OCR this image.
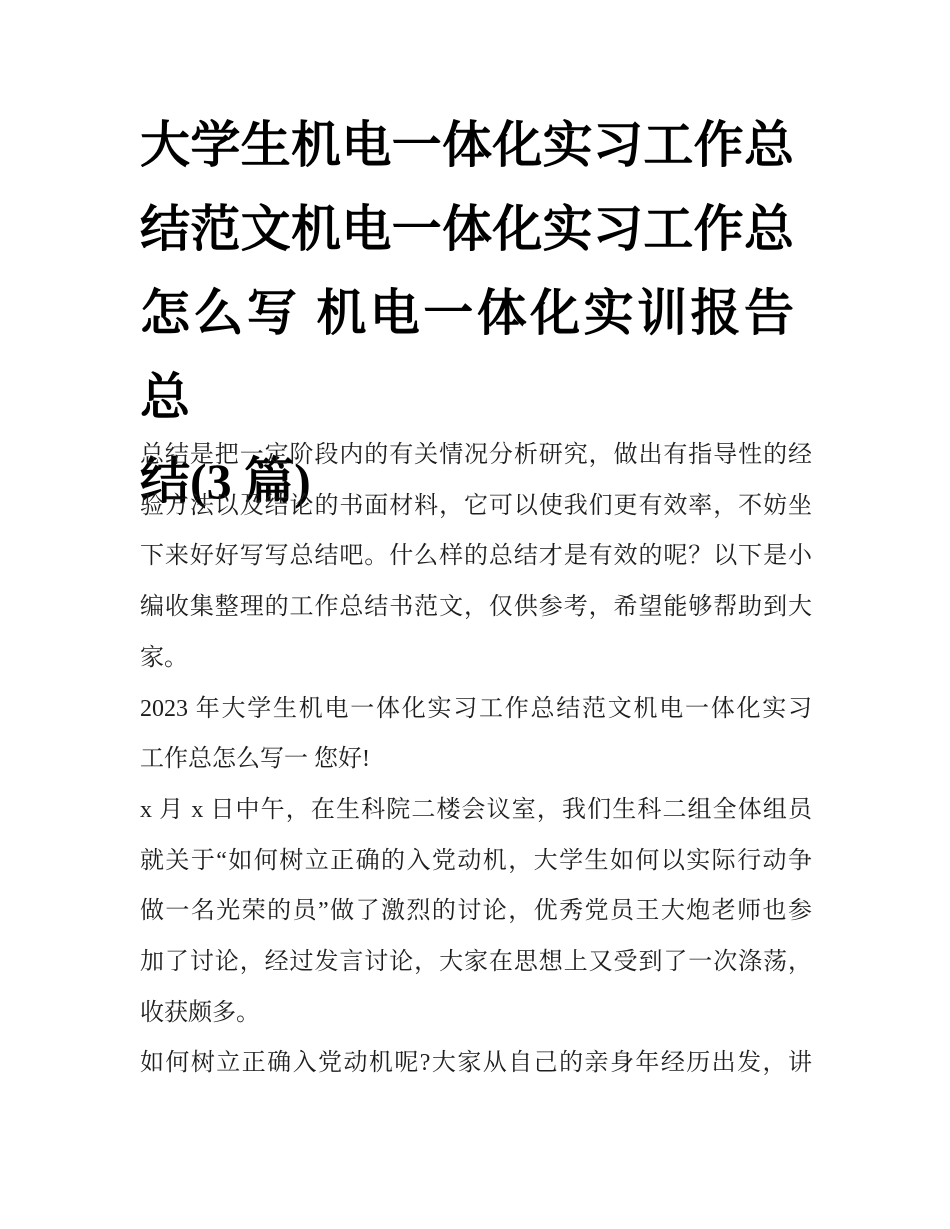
大学生机电一体化实习工作总
结范文机电一体化实习工作总
怎么写 机电一体化实训报告总
结(3 篇)
总结是把一定阶段内的有关情况分析研究，做出有指导性的经
验方法以及结论的书面材料，它可以使我们更有效率，不妨坐
下来好好写写总结吧。什么样的总结才是有效的呢？以下是小
编收集整理的工作总结书范文，仅供参考，希望能够帮助到大
家。
2023 年大学生机电一体化实习工作总结范文机电一体化实习
工作总怎么写一 您好!
x 月 x 日中午，在生科院二楼会议室，我们生科二组全体组员
就关于“如何树立正确的入党动机，大学生如何以实际行动争
做一名光荣的员”做了激烈的讨论，优秀党员王大炮老师也参
加了讨论，经过发言讨论，大家在思想上又受到了一次涤荡，
收获颇多。
如何树立正确入党动机呢?大家从自己的亲身年经历出发，讲
